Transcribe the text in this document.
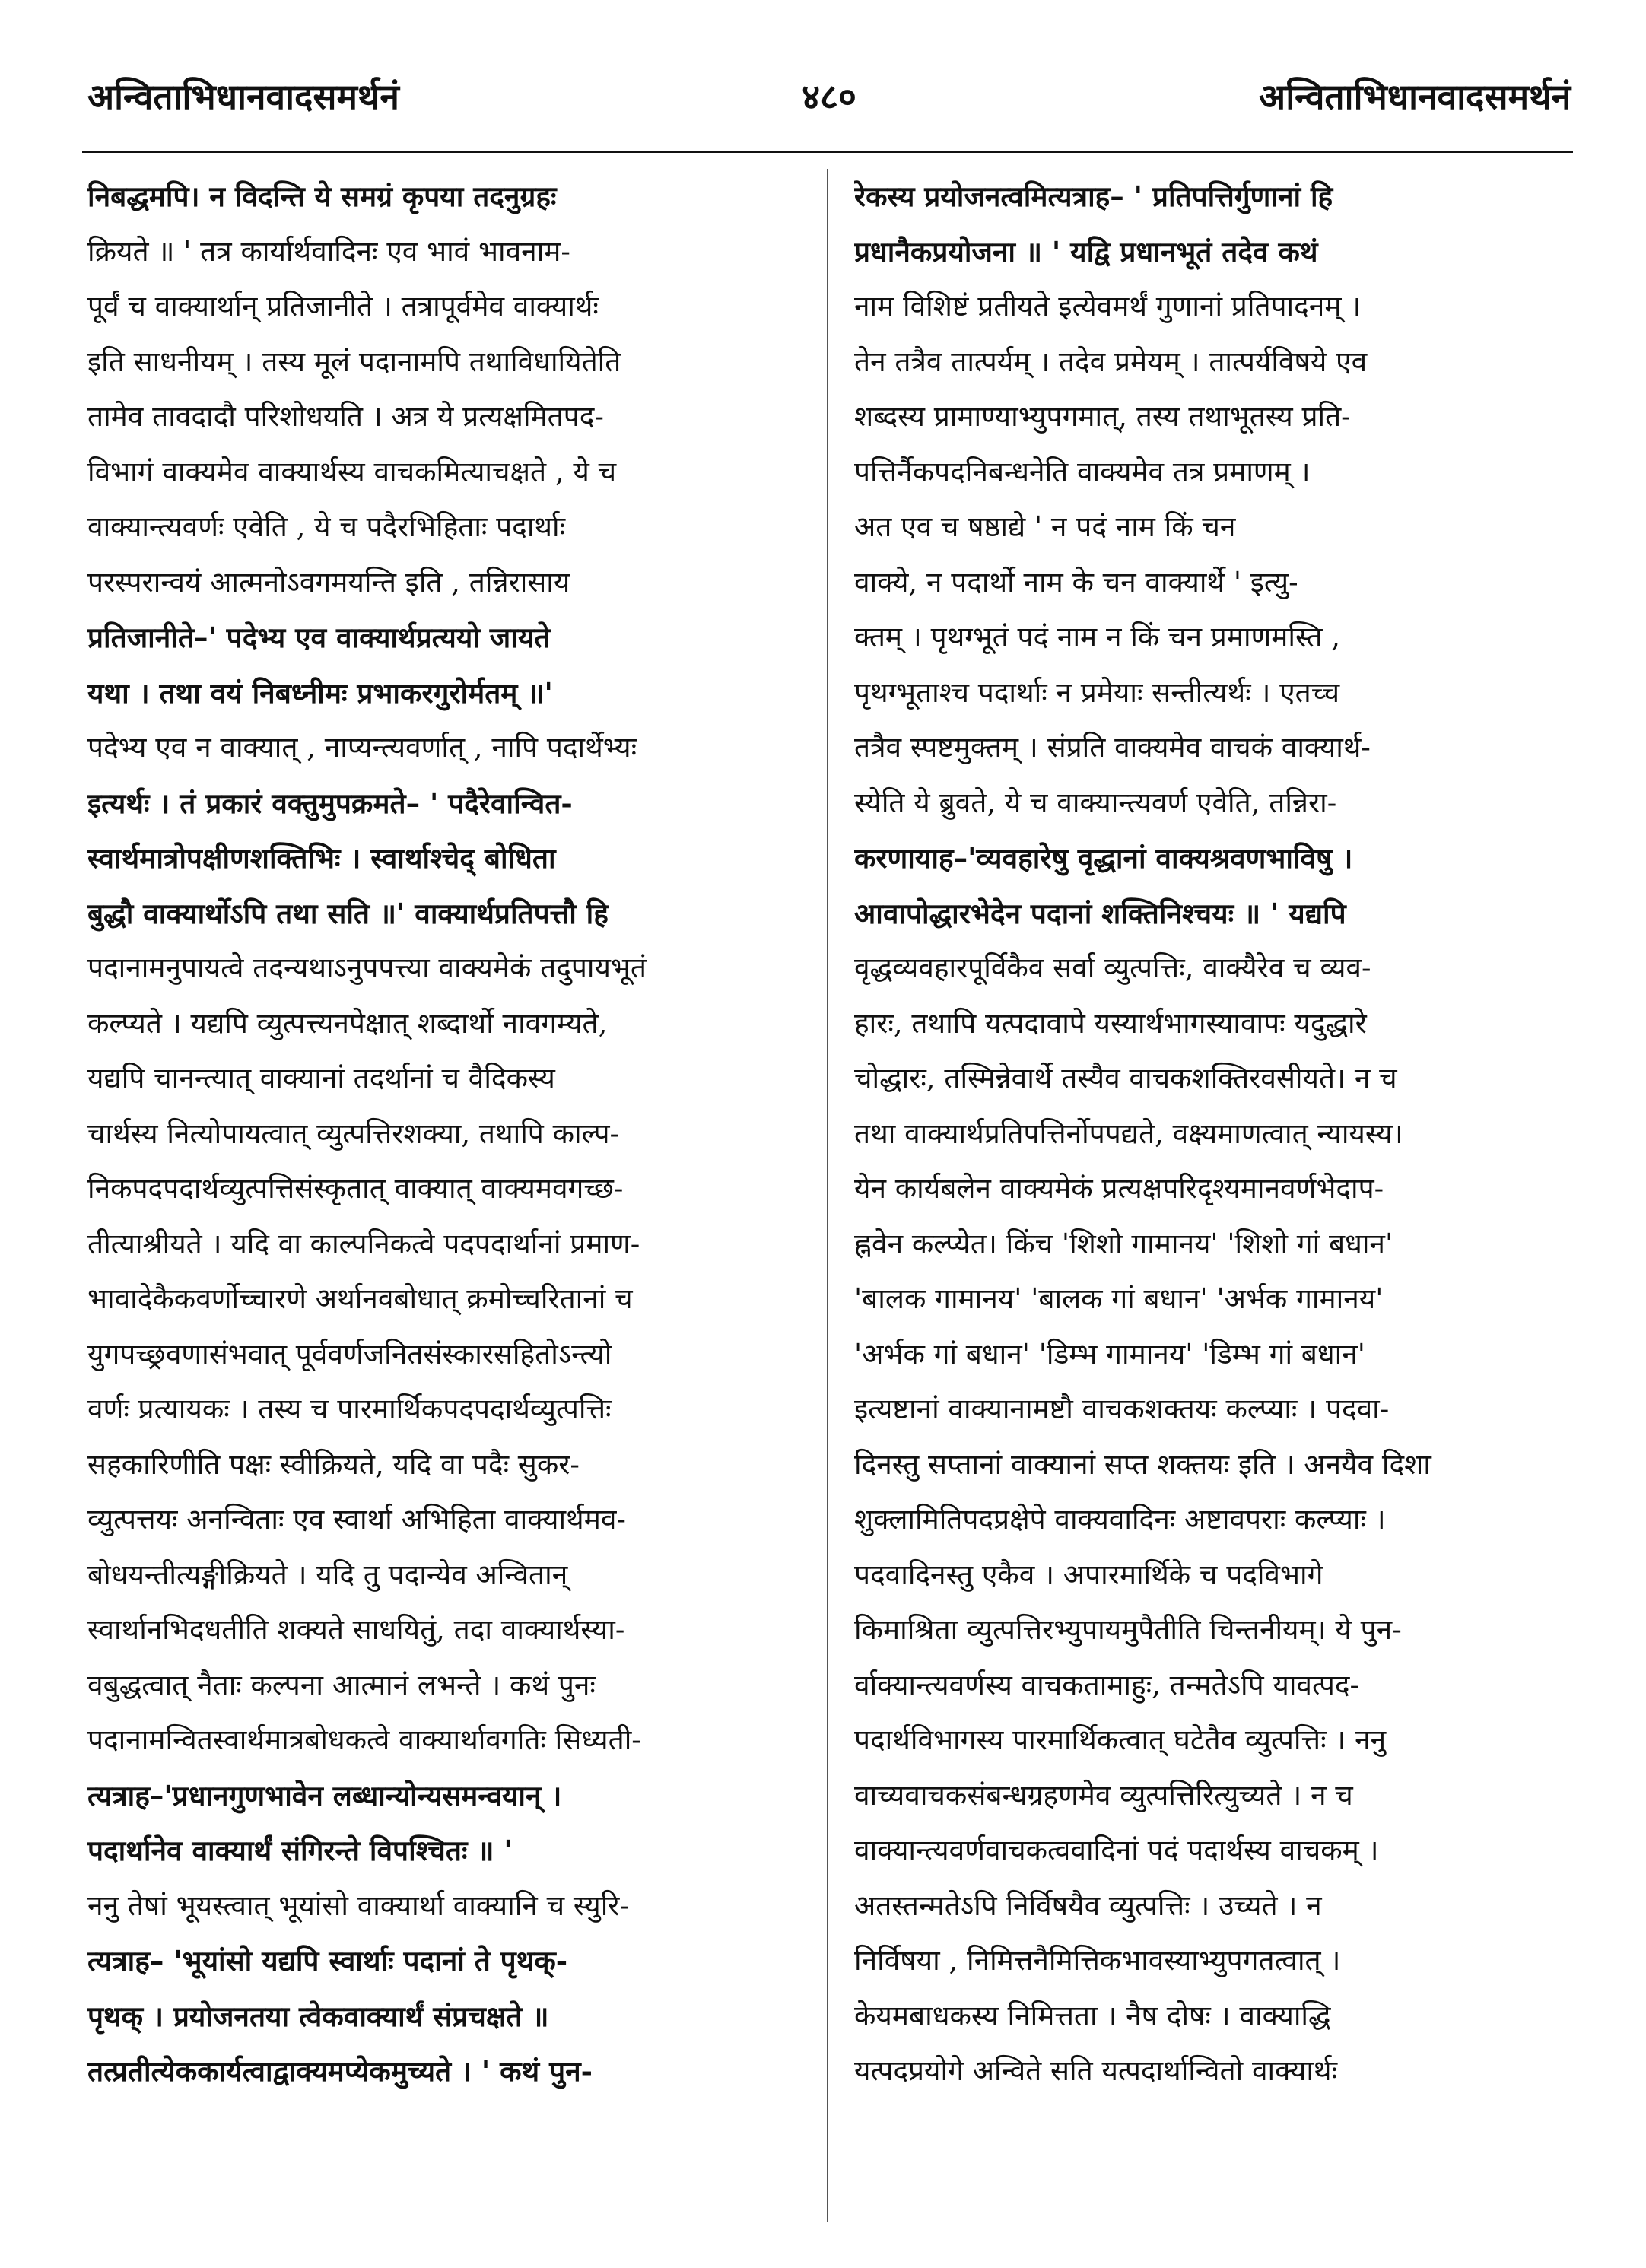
अन्विताभिधानवादसमर्थनं	४८०	अन्विताभिधानवादसमर्थनं
निबद्धमपि। न विदन्ति ये समग्रं कृपया तदनुग्रहः
क्रियते ॥ ' तत्र कार्यार्थवादिनः एव भावं भावनाम-
पूर्वं च वाक्यार्थान् प्रतिजानीते । तत्रापूर्वमेव वाक्यार्थः
इति साधनीयम् । तस्य मूलं पदानामपि तथाविधायितेति
तामेव तावदादौ परिशोधयति । अत्र ये प्रत्यक्षमितपद-
विभागं वाक्यमेव वाक्यार्थस्य वाचकमित्याचक्षते , ये च
वाक्यान्त्यवर्णः एवेति , ये च पदैरभिहिताः पदार्थाः
परस्परान्वयं आत्मनोऽवगमयन्ति इति , तन्निरासाय
प्रतिजानीते–' पदेभ्य एव वाक्यार्थप्रत्ययो जायते
यथा । तथा वयं निबध्नीमः प्रभाकरगुरोर्मतम् ॥'
पदेभ्य एव न वाक्यात् , नाप्यन्त्यवर्णात् , नापि पदार्थेभ्यः
इत्यर्थः । तं प्रकारं वक्तुमुपक्रमते– ' पदैरेवान्वित-
स्वार्थमात्रोपक्षीणशक्तिभिः । स्वार्थाश्चेद् बोधिता
बुद्धौ वाक्यार्थोऽपि तथा सति ॥' वाक्यार्थप्रतिपत्तौ हि
पदानामनुपायत्वे तदन्यथाऽनुपपत्त्या वाक्यमेकं तदुपायभूतं
कल्प्यते । यद्यपि व्युत्पत्त्यनपेक्षात् शब्दार्थो नावगम्यते,
यद्यपि चानन्त्यात् वाक्यानां तदर्थानां च वैदिकस्य
चार्थस्य नित्योपायत्वात् व्युत्पत्तिरशक्या, तथापि काल्प-
निकपदपदार्थव्युत्पत्तिसंस्कृतात् वाक्यात् वाक्यमवगच्छ-
तीत्याश्रीयते । यदि वा काल्पनिकत्वे पदपदार्थानां प्रमाण-
भावादेकैकवर्णोच्चारणे अर्थानवबोधात् क्रमोच्चरितानां च
युगपच्छ्रवणासंभवात् पूर्ववर्णजनितसंस्कारसहितोऽन्त्यो
वर्णः प्रत्यायकः । तस्य च पारमार्थिकपदपदार्थव्युत्पत्तिः
सहकारिणीति पक्षः स्वीक्रियते, यदि वा पदैः सुकर-
व्युत्पत्तयः अनन्विताः एव स्वार्था अभिहिता वाक्यार्थमव-
बोधयन्तीत्यङ्गीक्रियते । यदि तु पदान्येव अन्वितान्
स्वार्थानभिदधतीति शक्यते साधयितुं, तदा वाक्यार्थस्या-
वबुद्धत्वात् नैताः कल्पना आत्मानं लभन्ते । कथं पुनः
पदानामन्वितस्वार्थमात्रबोधकत्वे वाक्यार्थावगतिः सिध्यती-
त्यत्राह–'प्रधानगुणभावेन लब्धान्योन्यसमन्वयान् ।
पदार्थानेव वाक्यार्थं संगिरन्ते विपश्चितः ॥ '
ननु तेषां भूयस्त्वात् भूयांसो वाक्यार्था वाक्यानि च स्युरि-
त्यत्राह– 'भूयांसो यद्यपि स्वार्थाः पदानां ते पृथक्-
पृथक् । प्रयोजनतया त्वेकवाक्यार्थं संप्रचक्षते ॥
तत्प्रतीत्येककार्यत्वाद्वाक्यमप्येकमुच्यते । ' कथं पुन-
रेकस्य प्रयोजनत्वमित्यत्राह– ' प्रतिपत्तिर्गुणानां हि
प्रधानैकप्रयोजना ॥ ' यद्वि प्रधानभूतं तदेव कथं
नाम विशिष्टं प्रतीयते इत्येवमर्थं गुणानां प्रतिपादनम् ।
तेन तत्रैव तात्पर्यम् । तदेव प्रमेयम् । तात्पर्यविषये एव
शब्दस्य प्रामाण्याभ्युपगमात्, तस्य तथाभूतस्य प्रति-
पत्तिर्नैकपदनिबन्धनेति वाक्यमेव तत्र प्रमाणम् ।
अत एव च षष्ठाद्ये ' न पदं नाम किं चन
वाक्ये, न पदार्थो नाम के चन वाक्यार्थे ' इत्यु-
क्तम् । पृथग्भूतं पदं नाम न किं चन प्रमाणमस्ति ,
पृथग्भूताश्च पदार्थाः न प्रमेयाः सन्तीत्यर्थः । एतच्च
तत्रैव स्पष्टमुक्तम् । संप्रति वाक्यमेव वाचकं वाक्यार्थ-
स्येति ये ब्रुवते, ये च वाक्यान्त्यवर्ण एवेति, तन्निरा-
करणायाह–'व्यवहारेषु वृद्धानां वाक्यश्रवणभाविषु ।
आवापोद्धारभेदेन पदानां शक्तिनिश्चयः ॥ ' यद्यपि
वृद्धव्यवहारपूर्विकैव सर्वा व्युत्पत्तिः, वाक्यैरेव च व्यव-
हारः, तथापि यत्पदावापे यस्यार्थभागस्यावापः यदुद्धारे
चोद्धारः, तस्मिन्नेवार्थे तस्यैव वाचकशक्तिरवसीयते। न च
तथा वाक्यार्थप्रतिपत्तिर्नोपपद्यते, वक्ष्यमाणत्वात् न्यायस्य।
येन कार्यबलेन वाक्यमेकं प्रत्यक्षपरिदृश्यमानवर्णभेदाप-
ह्नवेन कल्प्येत। किंच 'शिशो गामानय' 'शिशो गां बधान'
'बालक गामानय' 'बालक गां बधान' 'अर्भक गामानय'
'अर्भक गां बधान' 'डिम्भ गामानय' 'डिम्भ गां बधान'
इत्यष्टानां वाक्यानामष्टौ वाचकशक्तयः कल्प्याः । पदवा-
दिनस्तु सप्तानां वाक्यानां सप्त शक्तयः इति । अनयैव दिशा
शुक्लामितिपदप्रक्षेपे वाक्यवादिनः अष्टावपराः कल्प्याः ।
पदवादिनस्तु एकैव । अपारमार्थिके च पदविभागे
किमाश्रिता व्युत्पत्तिरभ्युपायमुपैतीति चिन्तनीयम्। ये पुन-
र्वाक्यान्त्यवर्णस्य वाचकतामाहुः, तन्मतेऽपि यावत्पद-
पदार्थविभागस्य पारमार्थिकत्वात् घटेतैव व्युत्पत्तिः । ननु
वाच्यवाचकसंबन्धग्रहणमेव व्युत्पत्तिरित्युच्यते । न च
वाक्यान्त्यवर्णवाचकत्ववादिनां पदं पदार्थस्य वाचकम् ।
अतस्तन्मतेऽपि निर्विषयैव व्युत्पत्तिः । उच्यते । न
निर्विषया , निमित्तनैमित्तिकभावस्याभ्युपगतत्वात् ।
केयमबाधकस्य निमित्तता । नैष दोषः । वाक्याद्धि
यत्पदप्रयोगे अन्विते सति यत्पदार्थान्वितो वाक्यार्थः
